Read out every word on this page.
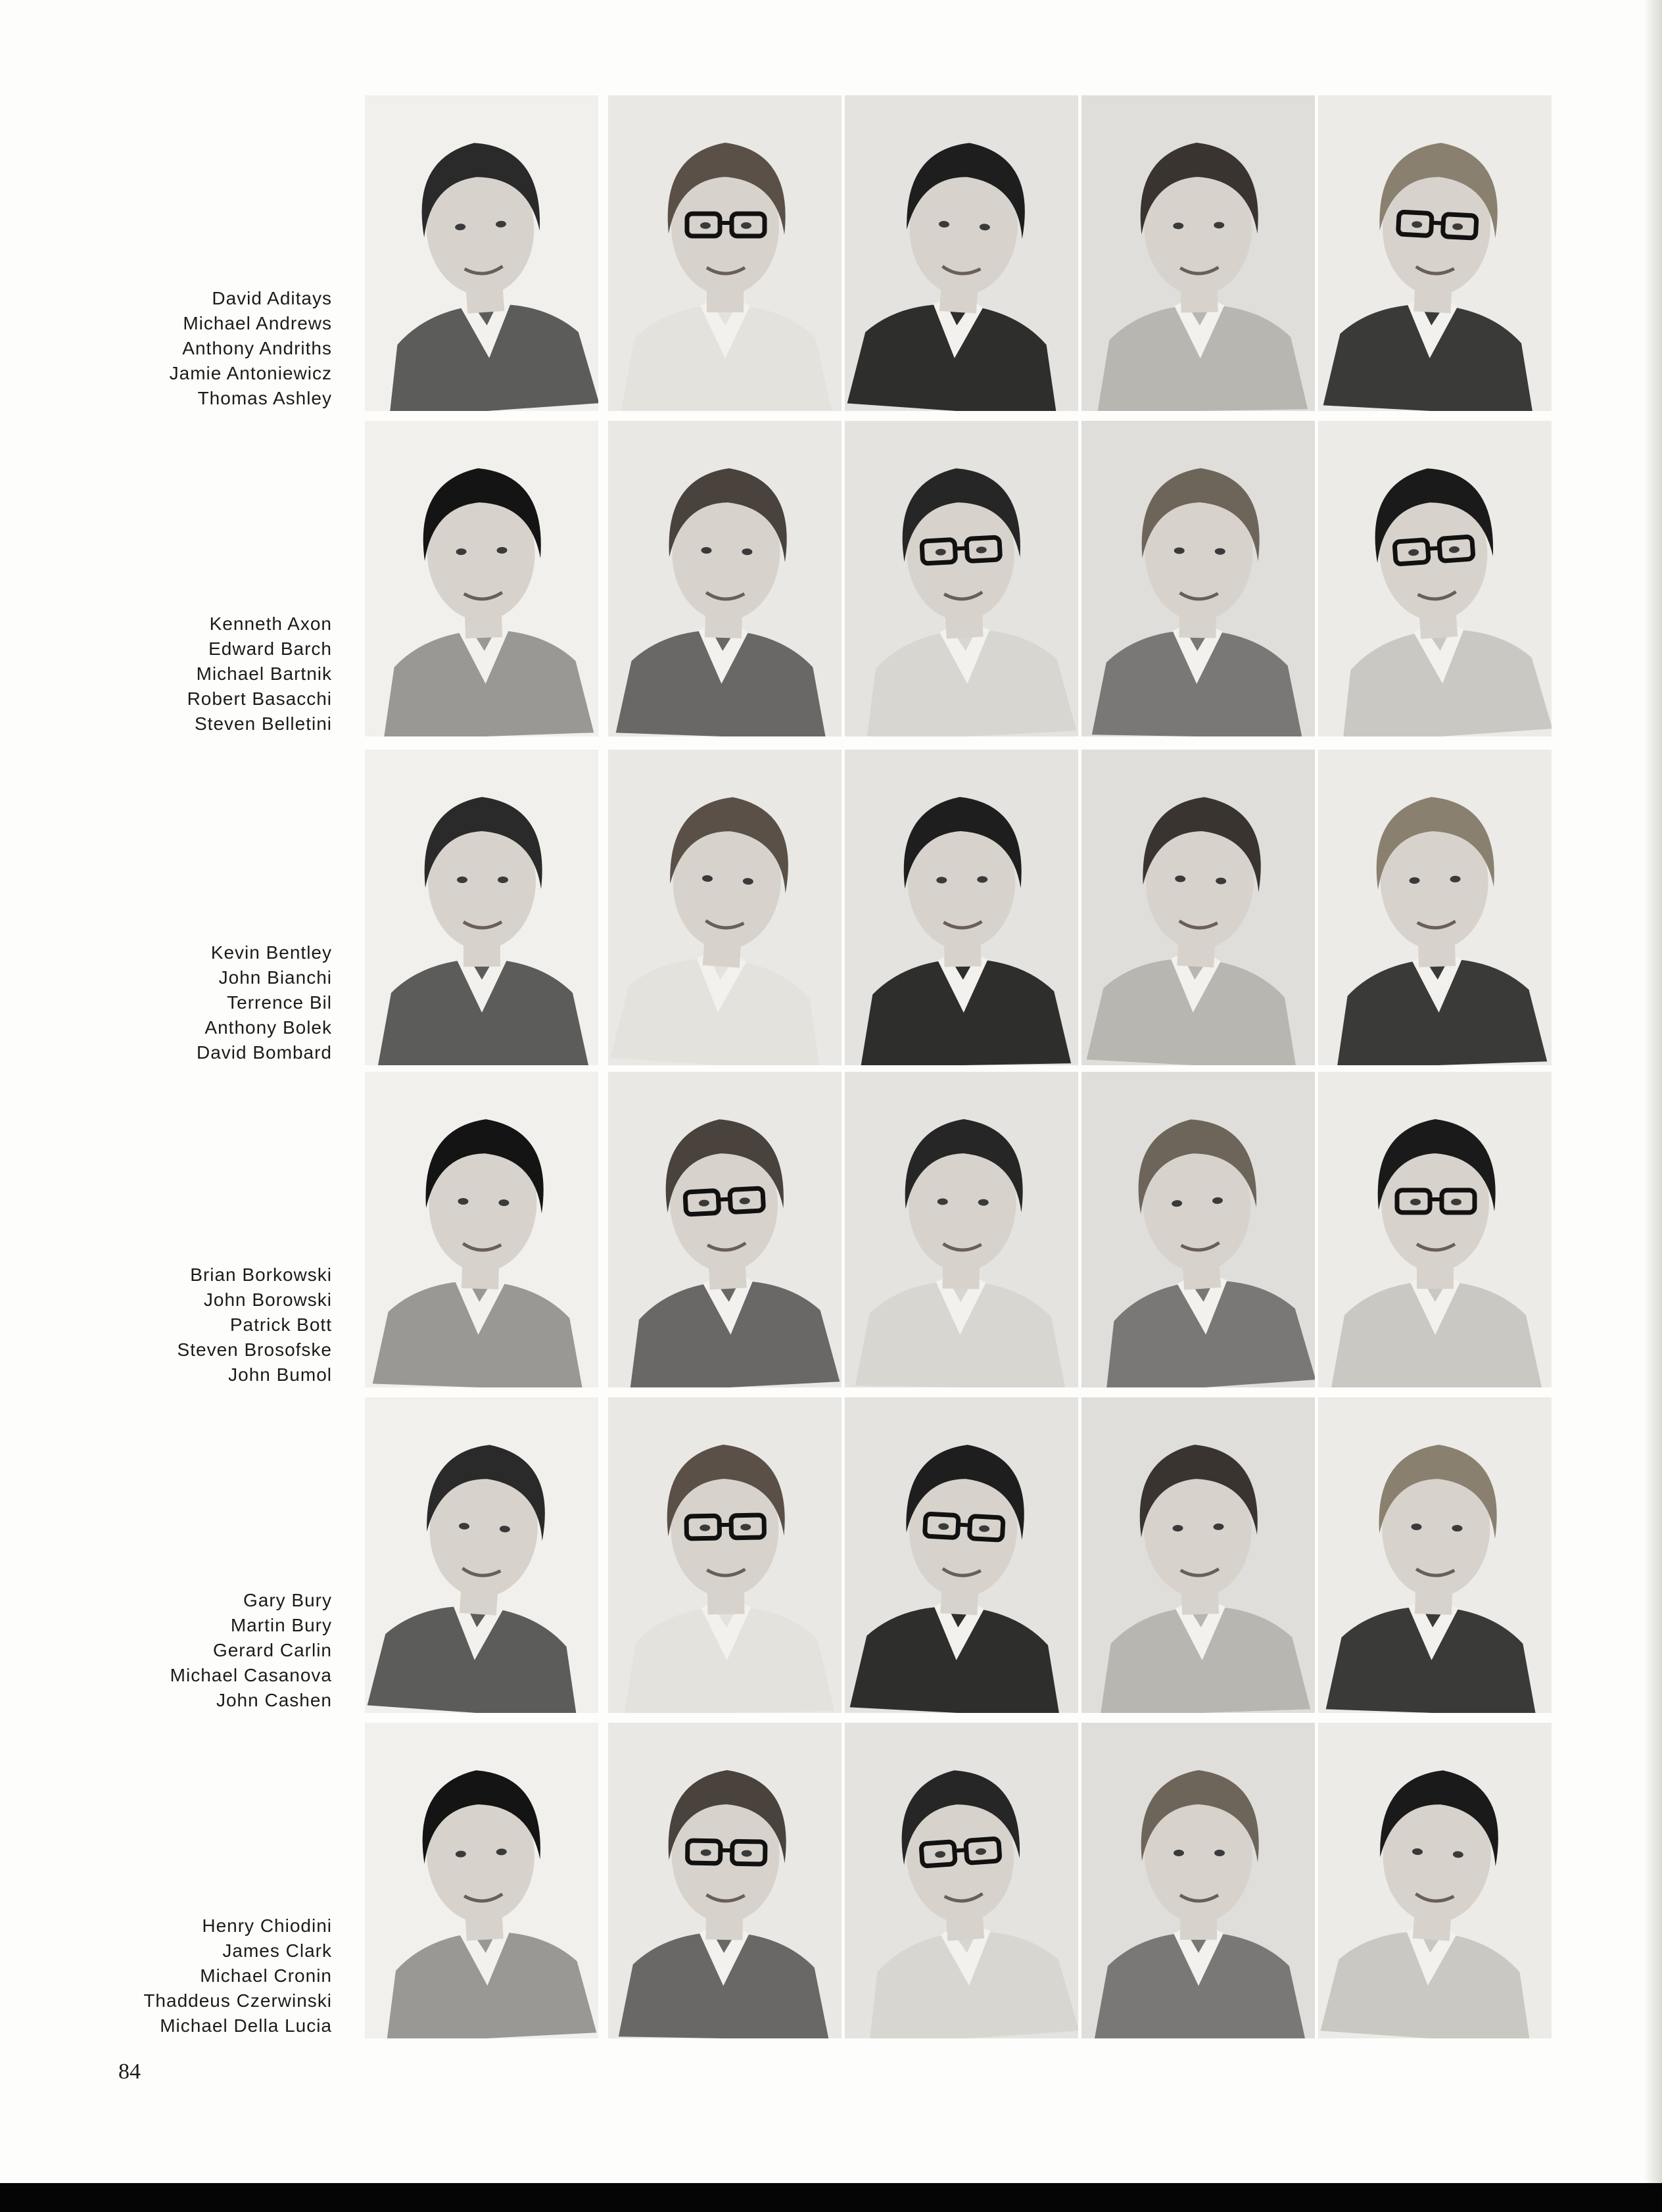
David Aditays
Michael Andrews
Anthony Andriths
Jamie Antoniewicz
Thomas Ashley
Kenneth Axon
Edward Barch
Michael Bartnik
Robert Basacchi
Steven Belletini
Kevin Bentley
John Bianchi
Terrence Bil
Anthony Bolek
David Bombard
Brian Borkowski
John Borowski
Patrick Bott
Steven Brosofske
John Bumol
Gary Bury
Martin Bury
Gerard Carlin
Michael Casanova
John Cashen
Henry Chiodini
James Clark
Michael Cronin
Thaddeus Czerwinski
Michael Della Lucia
84
